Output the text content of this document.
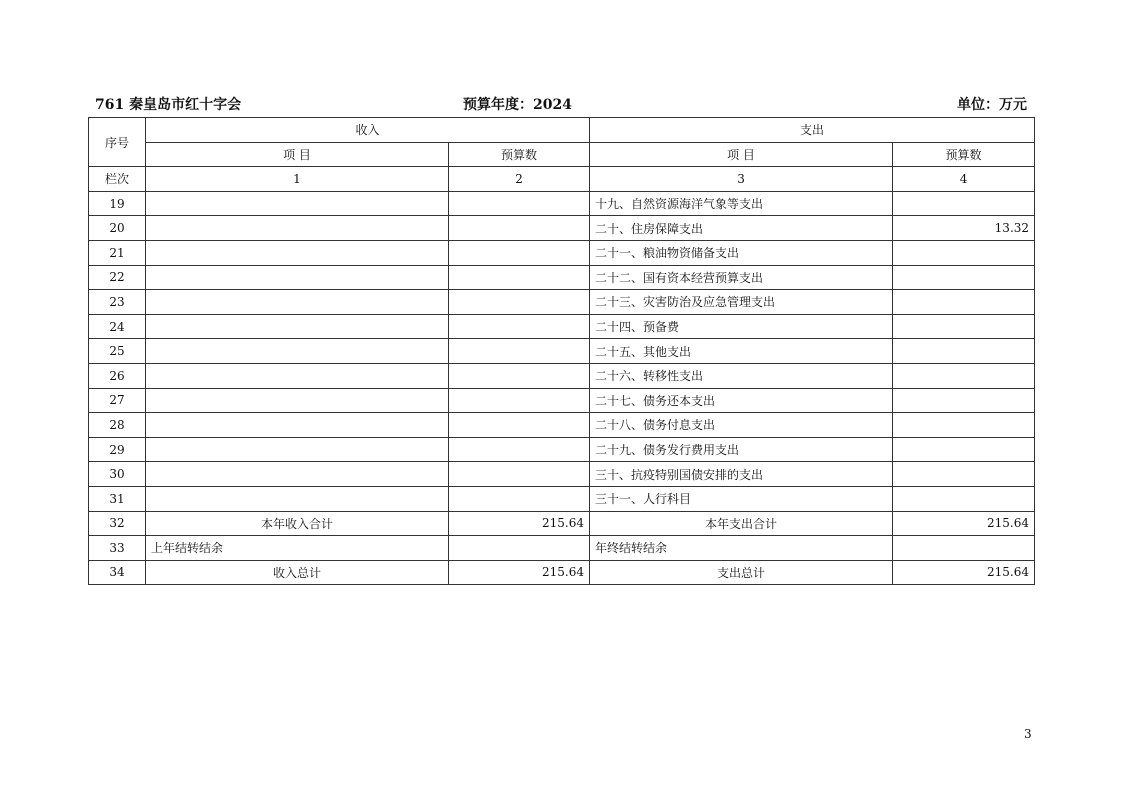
761 秦皇岛市红十字会	预算年度：2024	单位：万元
序号	收入		支出	
	项 目	预算数	项 目	预算数
栏次	1	2	3	4
19			十九、自然资源海洋气象等支出	
20			二十、住房保障支出	13.32
21			二十一、粮油物资储备支出	
22			二十二、国有资本经营预算支出	
23			二十三、灾害防治及应急管理支出	
24			二十四、预备费	
25			二十五、其他支出	
26			二十六、转移性支出	
27			二十七、债务还本支出	
28			二十八、债务付息支出	
29			二十九、债务发行费用支出	
30			三十、抗疫特别国债安排的支出	
31			三十一、人行科目	
32	本年收入合计	215.64	本年支出合计	215.64
33	上年结转结余		年终结转结余	
34	收入总计	215.64	支出总计	215.64
3
